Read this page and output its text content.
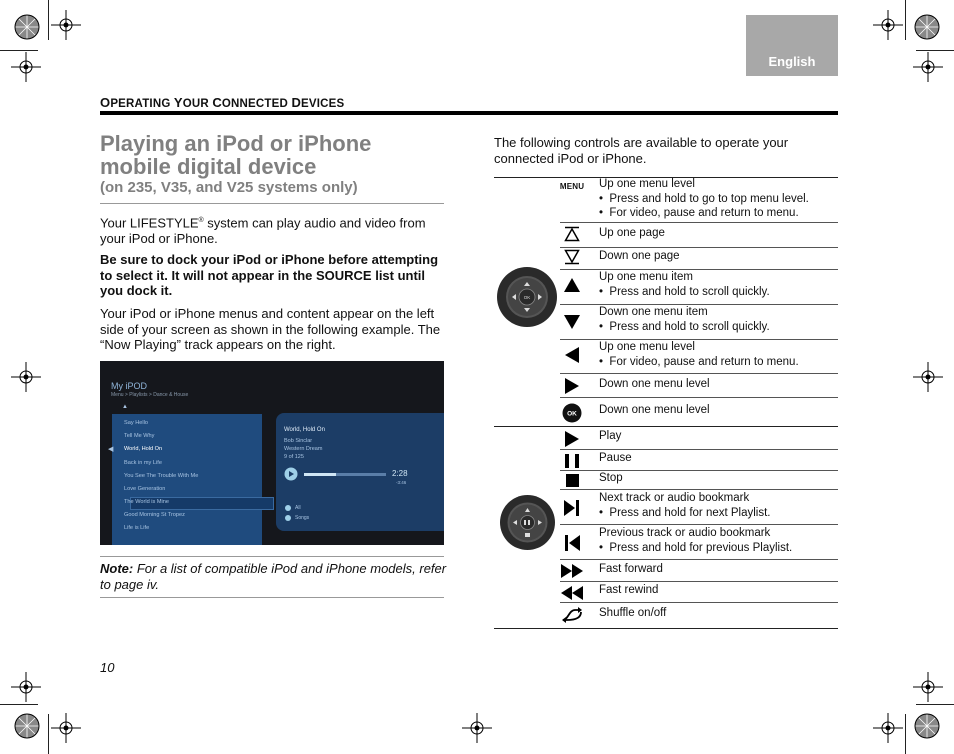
English
OPERATING YOUR CONNECTED DEVICES
Playing an iPod or iPhone mobile digital device
(on 235, V35, and V25 systems only)
Your LIFESTYLE® system can play audio and video from your iPod or iPhone.
Be sure to dock your iPod or iPhone before attempting to select it. It will not appear in the SOURCE list until you dock it.
Your iPod or iPhone menus and content appear on the left side of your screen as shown in the following example. The “Now Playing” track appears on the right.
My iPOD
Menu > Playlists > Dance & House
▲
Say Hello
Tell Me Why
World, Hold On
Back in my Life
You See The Trouble With Me
Love Generation
The World is Mine
Good Morning St Tropez
Life is Life
◀
World, Hold On
Bob Sinclar
Western Dream
9 of 125
2:28
-3:46
All
Songs
Note: For a list of compatible iPod and iPhone models, refer to page iv.
10
The following controls are available to operate your connected iPod or iPhone.
OK
MENU Up one menu level
•  Press and hold to go to top menu level.
•  For video, pause and return to menu.
Up one page
Down one page
Up one menu item
•  Press and hold to scroll quickly.
Down one menu item
•  Press and hold to scroll quickly.
Up one menu level
•  For video, pause and return to menu.
Down one menu level
OK Down one menu level
Play
Pause
Stop
Next track or audio bookmark
•  Press and hold for next Playlist.
Previous track or audio bookmark
•  Press and hold for previous Playlist.
Fast forward
Fast rewind
Shuffle on/off
